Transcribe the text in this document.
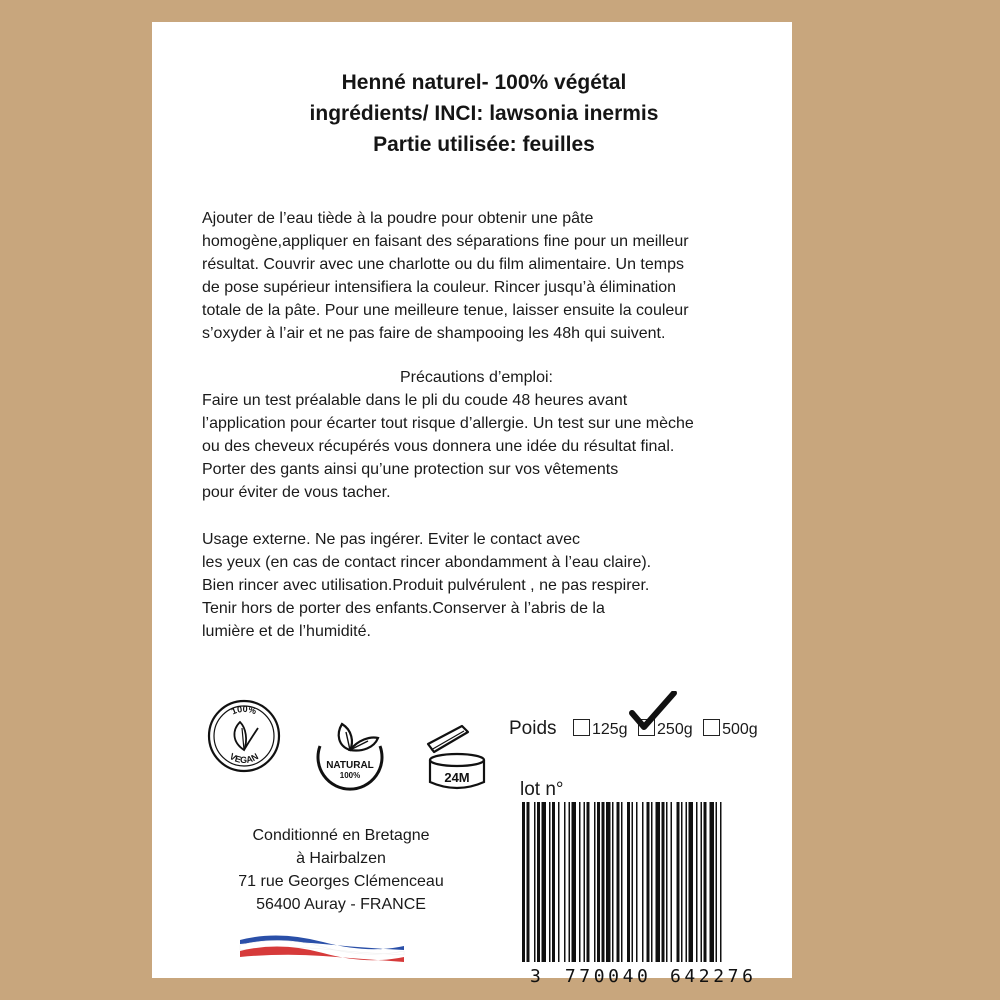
Henné naturel- 100% végétal
ingrédients/ INCI: lawsonia inermis
Partie utilisée: feuilles
Ajouter de l’eau tiède à la poudre pour obtenir une pâte
homogène,appliquer en faisant des séparations fine pour un meilleur
résultat. Couvrir avec une charlotte ou du film alimentaire. Un temps
de pose supérieur intensifiera la couleur. Rincer jusqu’à élimination
totale de la pâte. Pour une meilleure tenue, laisser ensuite la couleur
s’oxyder à l’air et ne pas faire de shampooing les 48h qui suivent.
Précautions d’emploi:
Faire un test préalable dans le pli du coude 48 heures avant
l’application pour écarter tout risque d’allergie. Un test sur une mèche
ou des cheveux récupérés vous donnera une idée du résultat final.
Porter des gants ainsi qu’une protection sur vos vêtements
pour éviter de vous tacher.
Usage externe. Ne pas ingérer. Eviter le contact avec
les yeux (en cas de contact rincer abondamment à l’eau claire).
Bien rincer avec utilisation.Produit pulvérulent , ne pas respirer.
Tenir hors de porter des enfants.Conserver à l’abris de la
lumière et de l’humidité.
100%
VEGAN
NATURAL
100%	24M
Poids 125g 250g 500g
lot n°
Conditionné en Bretagne
à Hairbalzen
71 rue Georges Clémenceau
56400 Auray - FRANCE
3 770040 642276
